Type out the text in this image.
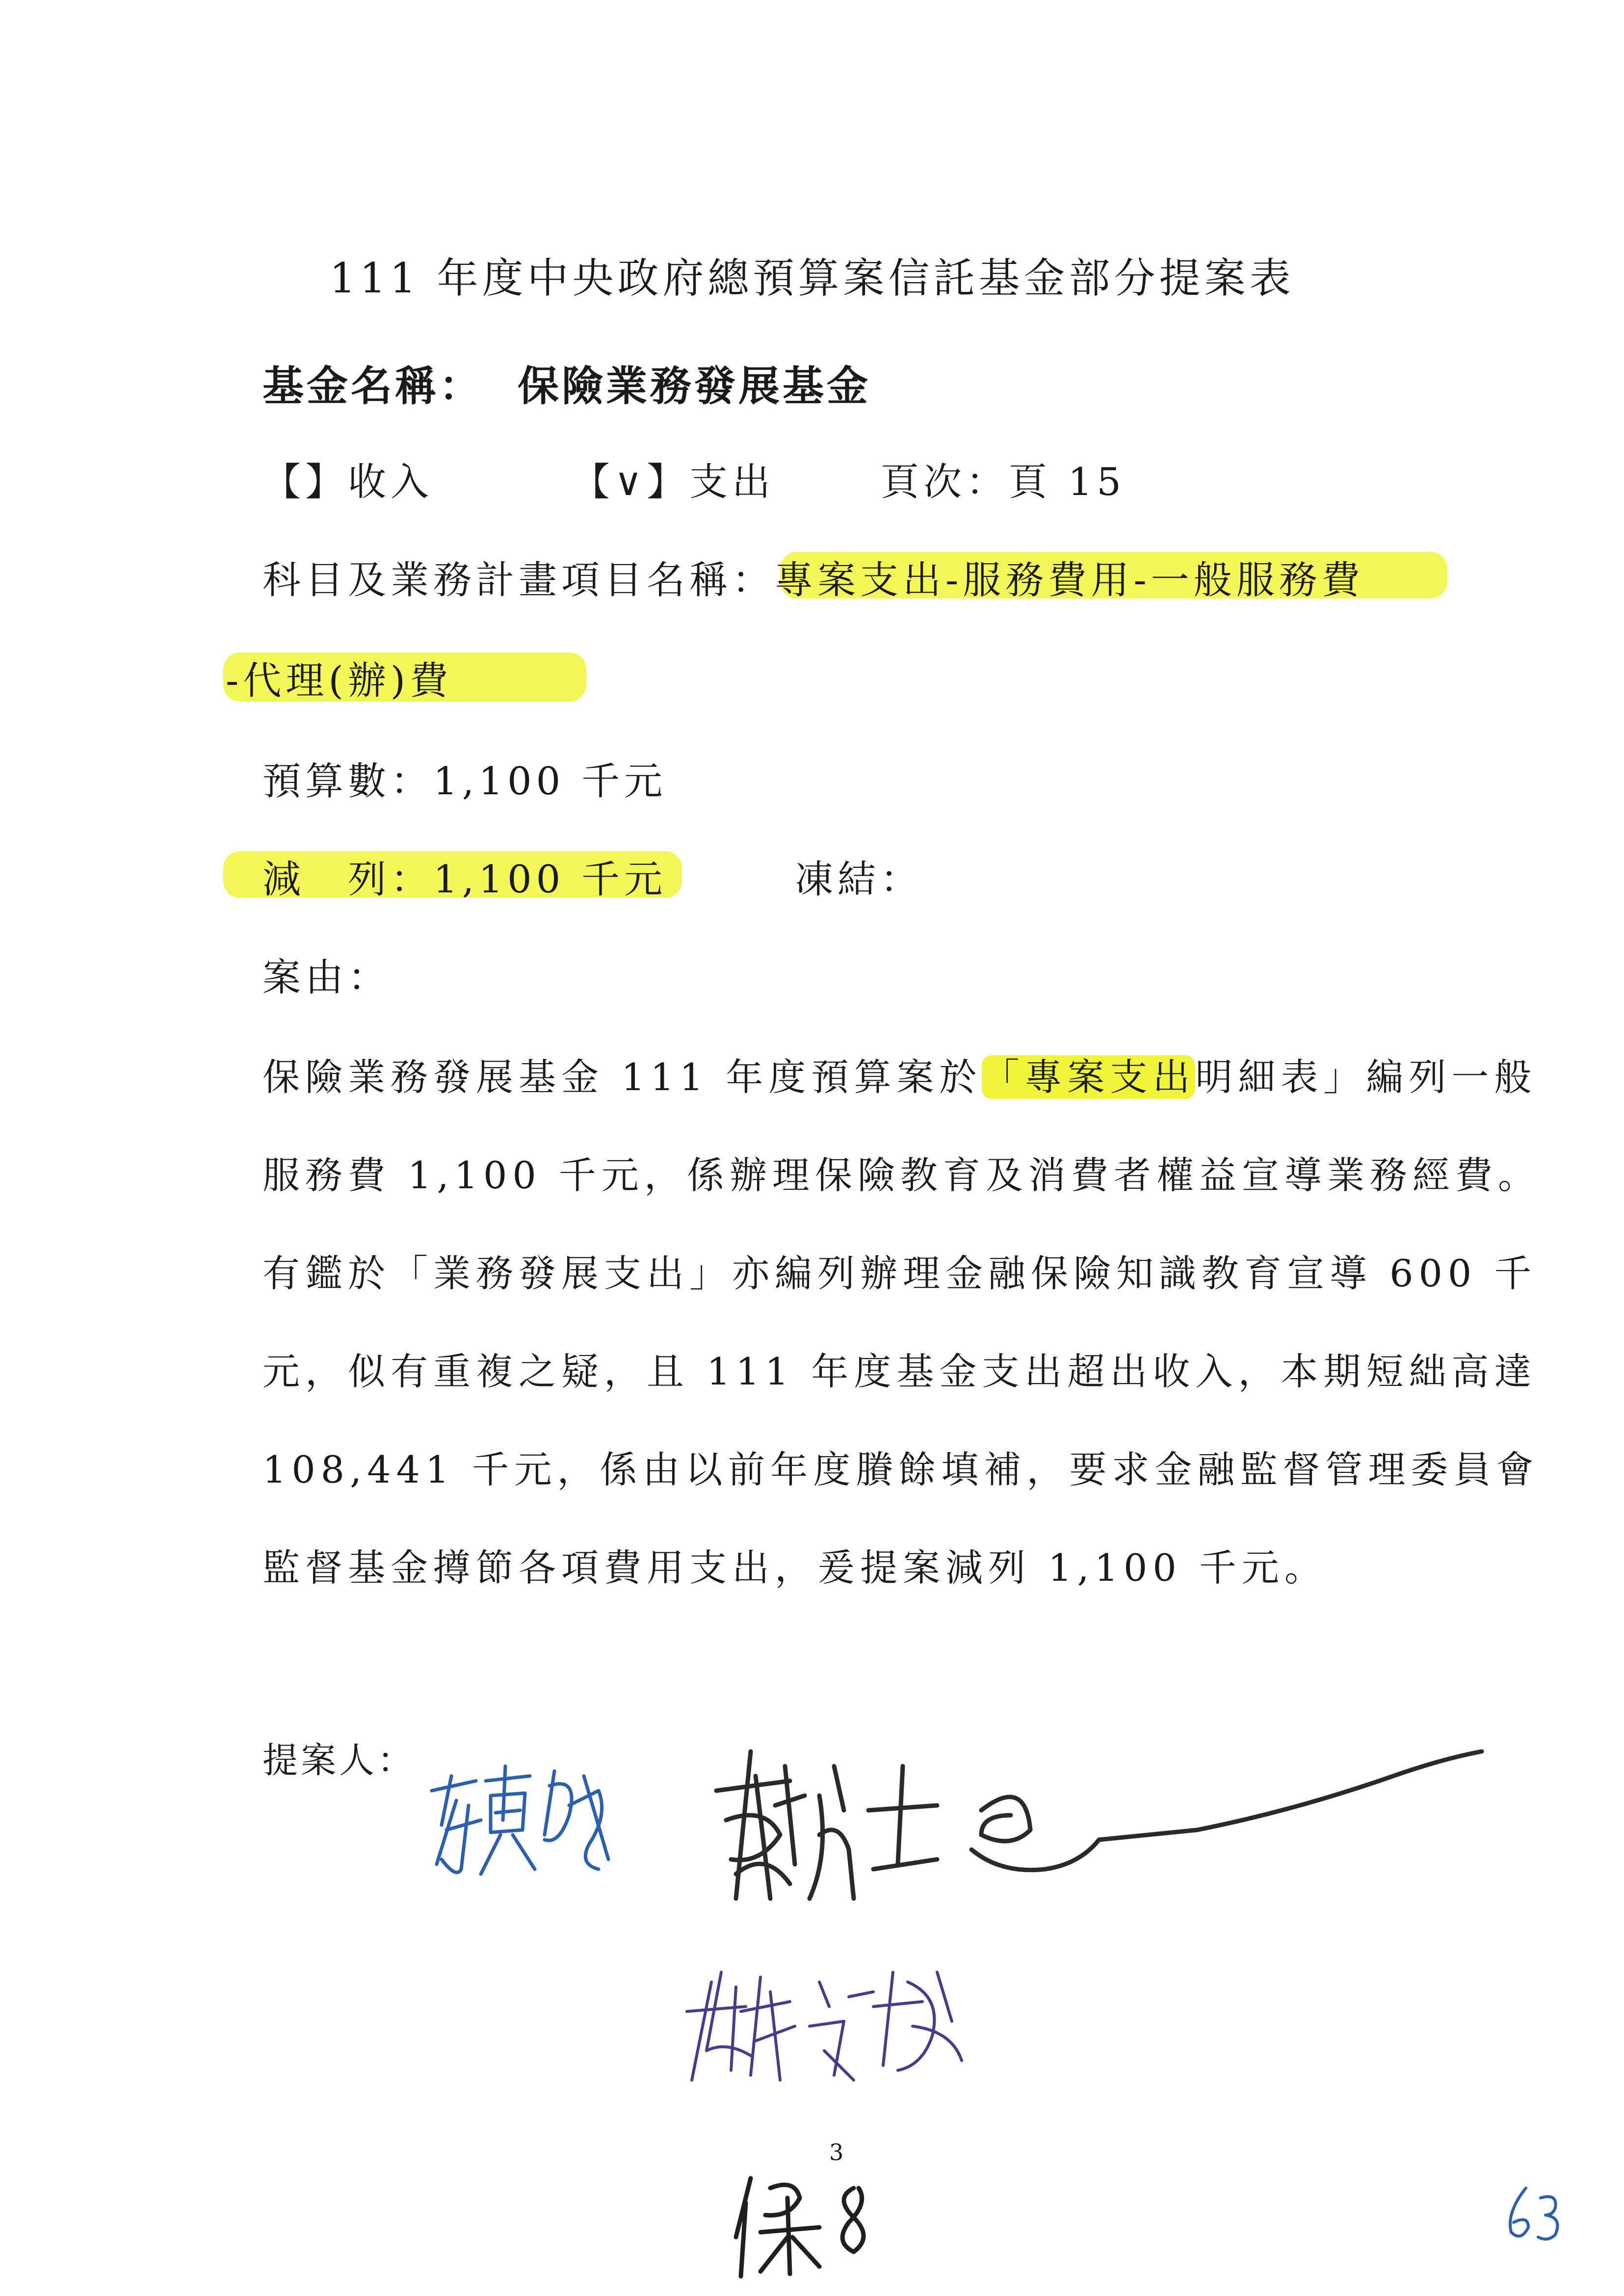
111 年度中央政府總預算案信託基金部分提案表
基金名稱： 保險業務發展基金
【】收入	【∨】支出	頁次：頁 15
科目及業務計畫項目名稱：專案支出-服務費用-一般服務費
-代理(辦)費
預算數：1,100 千元
減　列：1,100 千元	凍結：
案由：
保險業務發展基金 111 年度預算案於「專案支出明細表」編列一般
服務費 1,100 千元，係辦理保險教育及消費者權益宣導業務經費。
有鑑於「業務發展支出」亦編列辦理金融保險知識教育宣導 600 千
元，似有重複之疑，且 111 年度基金支出超出收入，本期短絀高達
108,441 千元，係由以前年度賸餘填補，要求金融監督管理委員會
監督基金撙節各項費用支出，爰提案減列 1,100 千元。
提案人：
3
